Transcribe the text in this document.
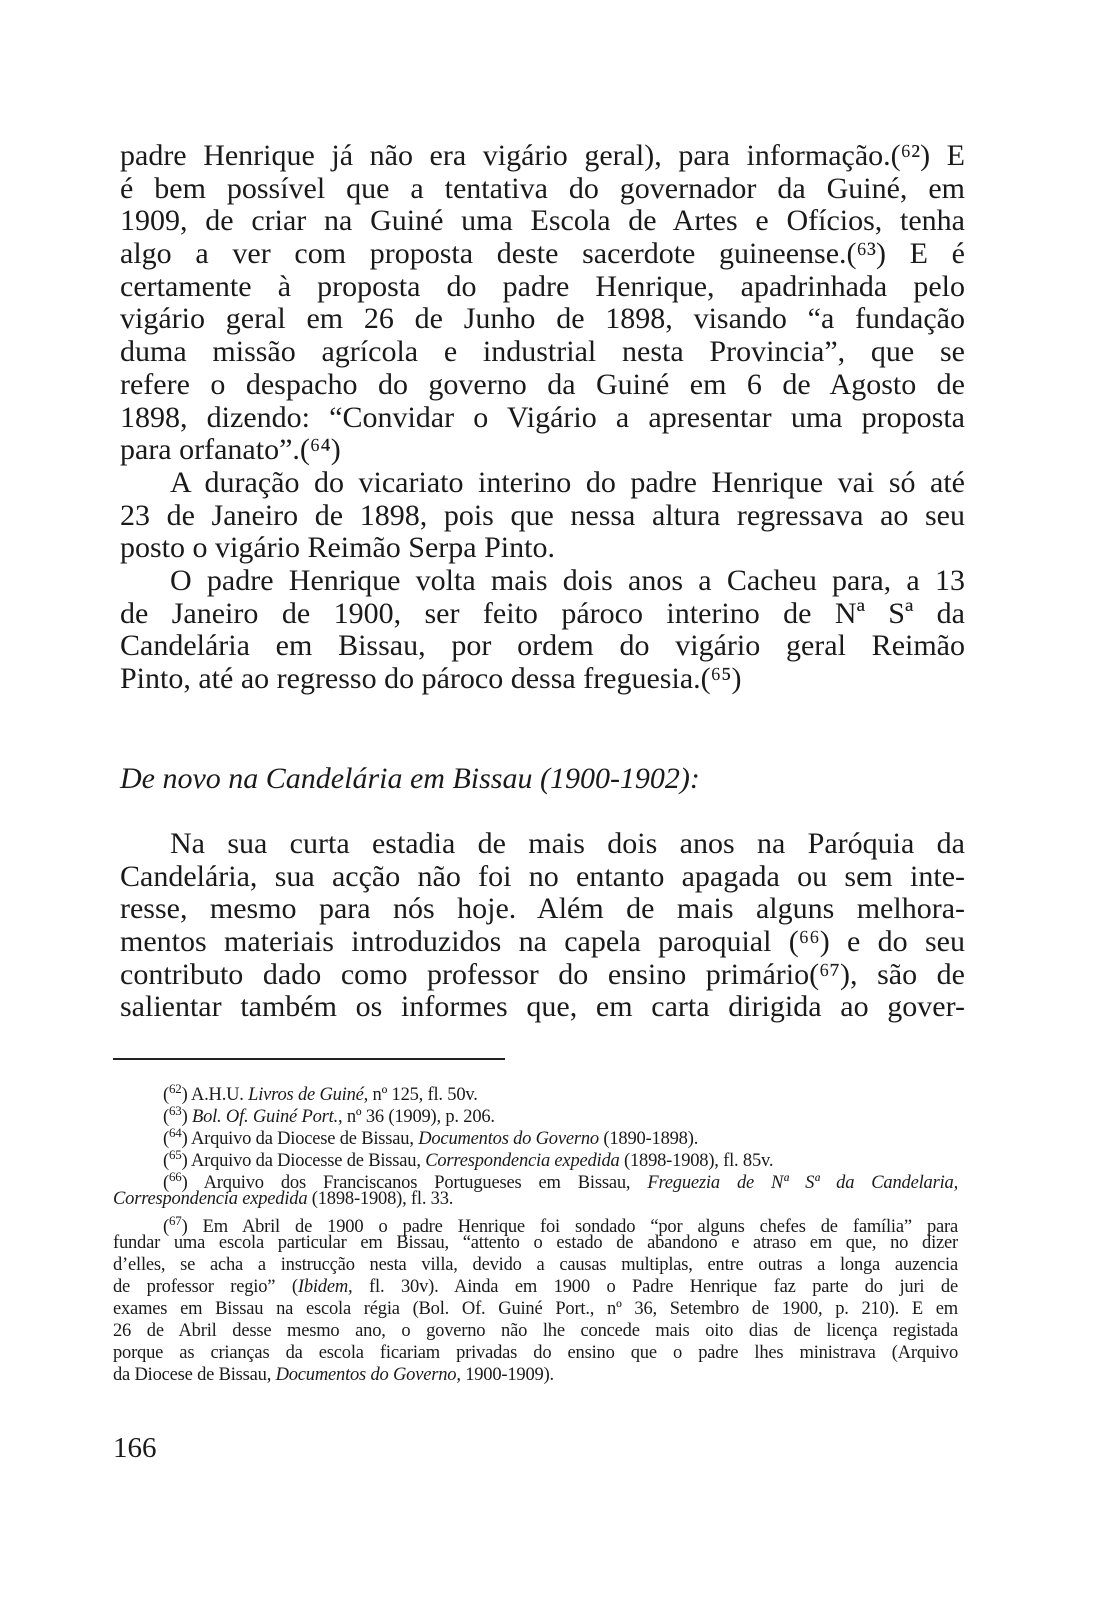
padre Henrique já não era vigário geral), para informação.(⁶²) E
é bem possível que a tentativa do governador da Guiné, em
1909, de criar na Guiné uma Escola de Artes e Ofícios, tenha
algo a ver com proposta deste sacerdote guineense.(⁶³) E é
certamente à proposta do padre Henrique, apadrinhada pelo
vigário geral em 26 de Junho de 1898, visando “a fundação
duma missão agrícola e industrial nesta Provincia”, que se
refere o despacho do governo da Guiné em 6 de Agosto de
1898, dizendo: “Convidar o Vigário a apresentar uma proposta
para orfanato”.(⁶⁴)
A duração do vicariato interino do padre Henrique vai só até
23 de Janeiro de 1898, pois que nessa altura regressava ao seu
posto o vigário Reimão Serpa Pinto.
O padre Henrique volta mais dois anos a Cacheu para, a 13
de Janeiro de 1900, ser feito pároco interino de Nª Sª da
Candelária em Bissau, por ordem do vigário geral Reimão
Pinto, até ao regresso do pároco dessa freguesia.(⁶⁵)
De novo na Candelária em Bissau (1900-1902):
Na sua curta estadia de mais dois anos na Paróquia da
Candelária, sua acção não foi no entanto apagada ou sem inte-
resse, mesmo para nós hoje. Além de mais alguns melhora-
mentos materiais introduzidos na capela paroquial (⁶⁶) e do seu
contributo dado como professor do ensino primário(⁶⁷), são de
salientar também os informes que, em carta dirigida ao gover-
($^{62}$) A.H.U. Livros de Guiné, nº 125, fl. 50v.
($^{63}$) Bol. Of. Guiné Port., nº 36 (1909), p. 206.
($^{64}$) Arquivo da Diocese de Bissau, Documentos do Governo (1890-1898).
($^{65}$) Arquivo da Diocesse de Bissau, Correspondencia expedida (1898-1908), fl. 85v.
($^{66}$) Arquivo dos Franciscanos Portugueses em Bissau, Freguezia de Nª Sª da Candelaria,
Correspondencia expedida (1898-1908), fl. 33.
($^{67}$) Em Abril de 1900 o padre Henrique foi sondado “por alguns chefes de família” para
fundar uma escola particular em Bissau, “attento o estado de abandono e atraso em que, no dizer
d’elles, se acha a instrucção nesta villa, devido a causas multiplas, entre outras a longa auzencia
de professor regio” (Ibidem, fl. 30v). Ainda em 1900 o Padre Henrique faz parte do juri de
exames em Bissau na escola régia (Bol. Of. Guiné Port., nº 36, Setembro de 1900, p. 210). E em
26 de Abril desse mesmo ano, o governo não lhe concede mais oito dias de licença registada
porque as crianças da escola ficariam privadas do ensino que o padre lhes ministrava (Arquivo
da Diocese de Bissau, Documentos do Governo, 1900-1909).
166
